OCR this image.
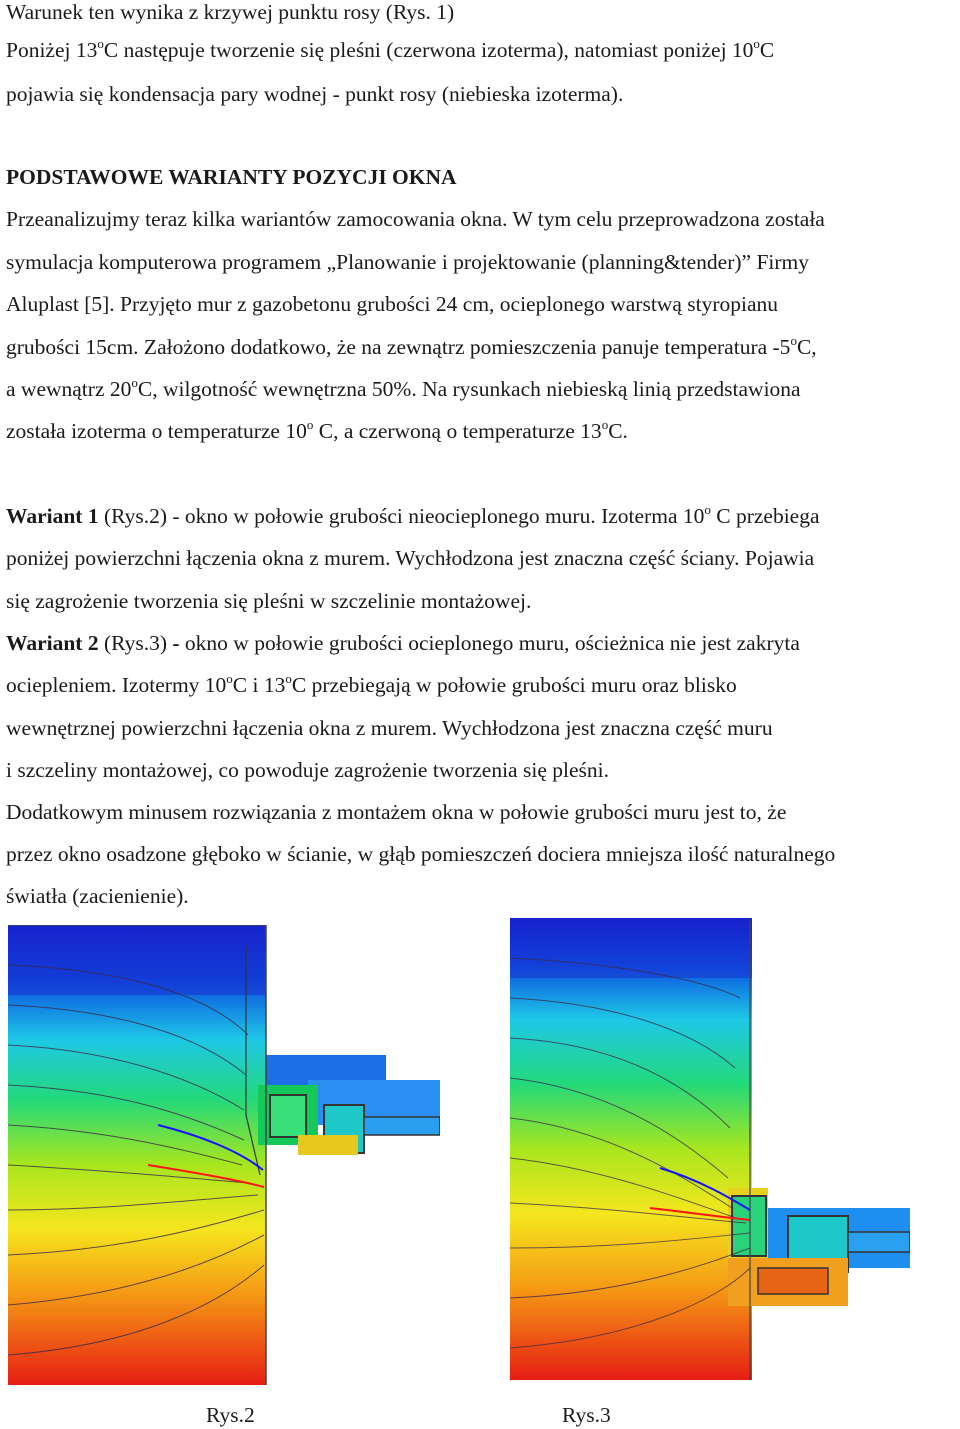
Warunek ten wynika z krzywej punktu rosy (Rys. 1)
Poniżej 13$^o$C następuje tworzenie się pleśni (czerwona izoterma), natomiast poniżej 10$^o$C
pojawia się kondensacja pary wodnej - punkt rosy (niebieska izoterma).
PODSTAWOWE WARIANTY POZYCJI OKNA
Przeanalizujmy teraz kilka wariantów zamocowania okna. W tym celu przeprowadzona została
symulacja komputerowa programem „Planowanie i projektowanie (planning&tender)” Firmy
Aluplast [5]. Przyjęto mur z gazobetonu grubości 24 cm, ocieplonego warstwą styropianu
grubości 15cm. Założono dodatkowo, że na zewnątrz pomieszczenia panuje temperatura -5$^o$C,
a wewnątrz 20$^o$C, wilgotność wewnętrzna 50%. Na rysunkach niebieską linią przedstawiona
została izoterma o temperaturze 10$^o$ C, a czerwoną o temperaturze 13$^o$C.
Wariant 1 (Rys.2) - okno w połowie grubości nieocieplonego muru. Izoterma 10$^o$ C przebiega
poniżej powierzchni łączenia okna z murem. Wychłodzona jest znaczna część ściany. Pojawia
się zagrożenie tworzenia się pleśni w szczelinie montażowej.
Wariant 2 (Rys.3) - okno w połowie grubości ocieplonego muru, ościeżnica nie jest zakryta
ociepleniem. Izotermy 10$^o$C i 13$^o$C przebiegają w połowie grubości muru oraz blisko
wewnętrznej powierzchni łączenia okna z murem. Wychłodzona jest znaczna część muru
i szczeliny montażowej, co powoduje zagrożenie tworzenia się pleśni.
Dodatkowym minusem rozwiązania z montażem okna w połowie grubości muru jest to, że
przez okno osadzone głęboko w ścianie, w głąb pomieszczeń dociera mniejsza ilość naturalnego
światła (zacienienie).
Rys.2	Rys.3
